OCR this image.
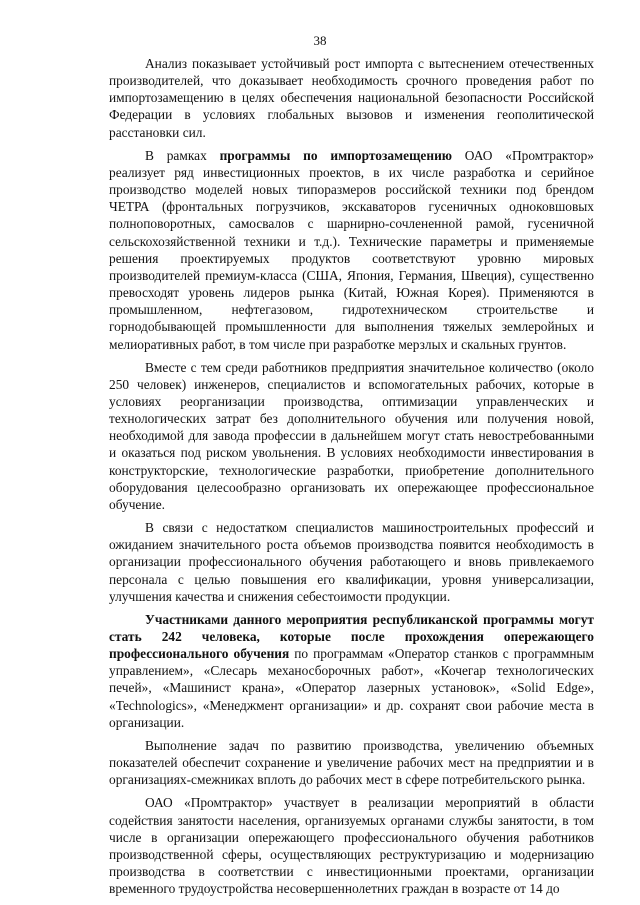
38

Анализ показывает устойчивый рост импорта с вытеснением отечественных производителей, что доказывает необходимость срочного проведения работ по импортозамещению в целях обеспечения национальной безопасности Российской Федерации в условиях глобальных вызовов и изменения геополитической расстановки сил.

В рамках программы по импортозамещению ОАО «Промтрактор» реализует ряд инвестиционных проектов, в их числе разработка и серийное производство моделей новых типоразмеров российской техники под брендом ЧЕТРА (фронтальных погрузчиков, экскаваторов гусеничных одноковшовых полноповоротных, самосвалов с шарнирно-сочлененной рамой, гусеничной сельскохозяйственной техники и т.д.). Технические параметры и применяемые решения проектируемых продуктов соответствуют уровню мировых производителей премиум-класса (США, Япония, Германия, Швеция), существенно превосходят уровень лидеров рынка (Китай, Южная Корея). Применяются в промышленном, нефтегазовом, гидротехническом строительстве и горнодобывающей промышленности для выполнения тяжелых землеройных и мелиоративных работ, в том числе при разработке мерзлых и скальных грунтов.

Вместе с тем среди работников предприятия значительное количество (около 250 человек) инженеров, специалистов и вспомогательных рабочих, которые в условиях реорганизации производства, оптимизации управленческих и технологических затрат без дополнительного обучения или получения новой, необходимой для завода профессии в дальнейшем могут стать невостребованными и оказаться под риском увольнения. В условиях необходимости инвестирования в конструкторские, технологические разработки, приобретение дополнительного оборудования целесообразно организовать их опережающее профессиональное обучение.

В связи с недостатком специалистов машиностроительных профессий и ожиданием значительного роста объемов производства появится необходимость в организации профессионального обучения работающего и вновь привлекаемого персонала с целью повышения его квалификации, уровня универсализации, улучшения качества и снижения себестоимости продукции.

Участниками данного мероприятия республиканской программы могут стать 242 человека, которые после прохождения опережающего профессионального обучения по программам «Оператор станков с программным управлением», «Слесарь механосборочных работ», «Кочегар технологических печей», «Машинист крана», «Оператор лазерных установок», «Solid Edge», «Technologics», «Менеджмент организации» и др. сохранят свои рабочие места в организации.

Выполнение задач по развитию производства, увеличению объемных показателей обеспечит сохранение и увеличение рабочих мест на предприятии и в организациях-смежниках вплоть до рабочих мест в сфере потребительского рынка.

ОАО «Промтрактор» участвует в реализации мероприятий в области содействия занятости населения, организуемых органами службы занятости, в том числе в организации опережающего профессионального обучения работников производственной сферы, осуществляющих реструктуризацию и модернизацию производства в соответствии с инвестиционными проектами, организации временного трудоустройства несовершеннолетних граждан в возрасте от 14 до
